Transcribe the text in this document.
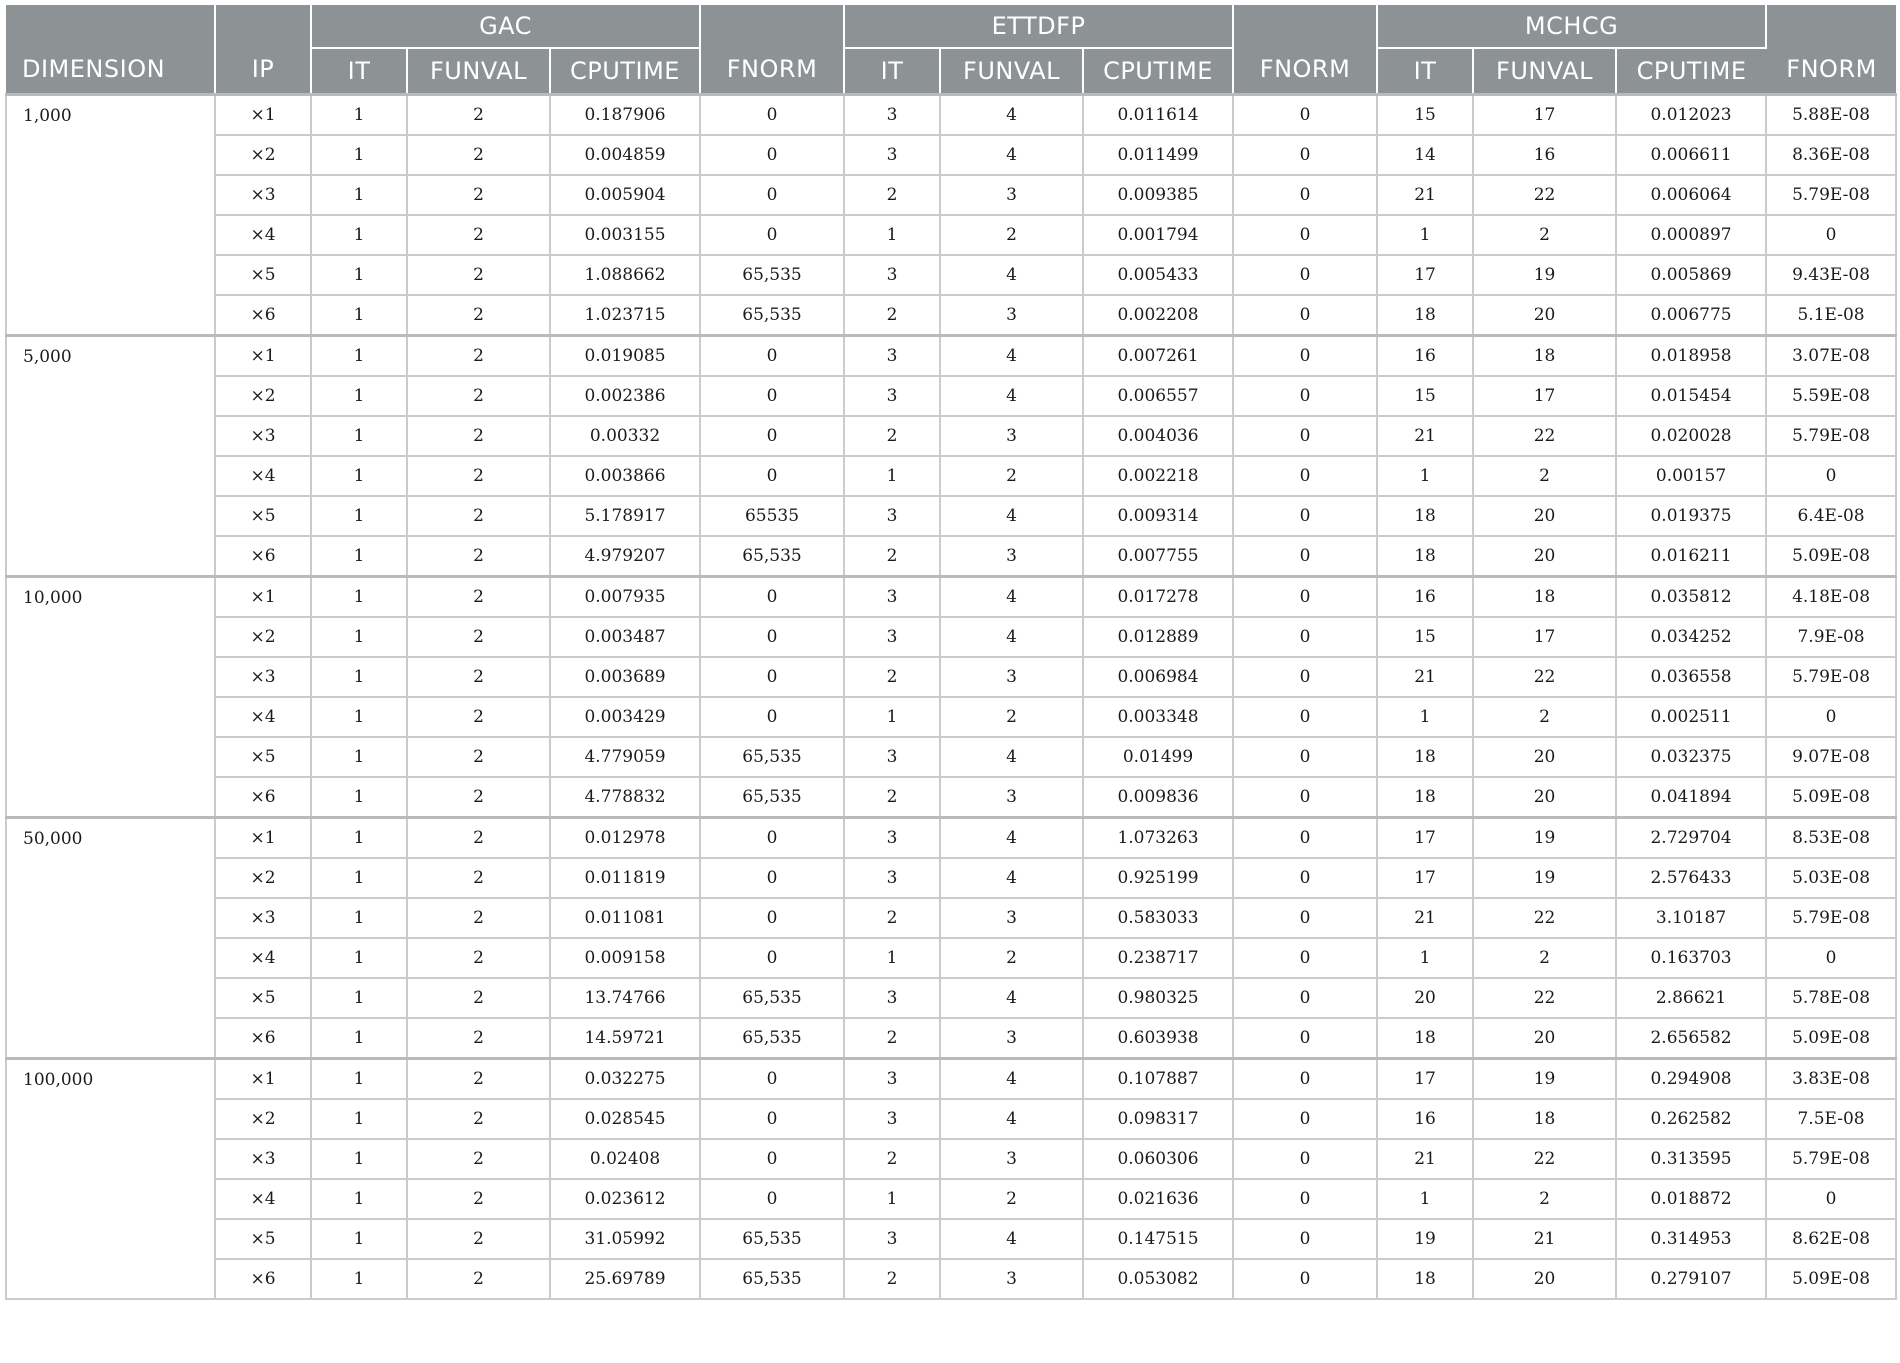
DIMENSION	IP	GAC			FNORM	ETTDFP			FNORM	MCHCG			FNORM
		IT	FUNVAL	CPUTIME		IT	FUNVAL	CPUTIME		IT	FUNVAL	CPUTIME	
1,000	×1	1	2	0.187906	0	3	4	0.011614	0	15	17	0.012023	5.88E-08
	×2	1	2	0.004859	0	3	4	0.011499	0	14	16	0.006611	8.36E-08
	×3	1	2	0.005904	0	2	3	0.009385	0	21	22	0.006064	5.79E-08
	×4	1	2	0.003155	0	1	2	0.001794	0	1	2	0.000897	0
	×5	1	2	1.088662	65,535	3	4	0.005433	0	17	19	0.005869	9.43E-08
	×6	1	2	1.023715	65,535	2	3	0.002208	0	18	20	0.006775	5.1E-08
5,000	×1	1	2	0.019085	0	3	4	0.007261	0	16	18	0.018958	3.07E-08
	×2	1	2	0.002386	0	3	4	0.006557	0	15	17	0.015454	5.59E-08
	×3	1	2	0.00332	0	2	3	0.004036	0	21	22	0.020028	5.79E-08
	×4	1	2	0.003866	0	1	2	0.002218	0	1	2	0.00157	0
	×5	1	2	5.178917	65535	3	4	0.009314	0	18	20	0.019375	6.4E-08
	×6	1	2	4.979207	65,535	2	3	0.007755	0	18	20	0.016211	5.09E-08
10,000	×1	1	2	0.007935	0	3	4	0.017278	0	16	18	0.035812	4.18E-08
	×2	1	2	0.003487	0	3	4	0.012889	0	15	17	0.034252	7.9E-08
	×3	1	2	0.003689	0	2	3	0.006984	0	21	22	0.036558	5.79E-08
	×4	1	2	0.003429	0	1	2	0.003348	0	1	2	0.002511	0
	×5	1	2	4.779059	65,535	3	4	0.01499	0	18	20	0.032375	9.07E-08
	×6	1	2	4.778832	65,535	2	3	0.009836	0	18	20	0.041894	5.09E-08
50,000	×1	1	2	0.012978	0	3	4	1.073263	0	17	19	2.729704	8.53E-08
	×2	1	2	0.011819	0	3	4	0.925199	0	17	19	2.576433	5.03E-08
	×3	1	2	0.011081	0	2	3	0.583033	0	21	22	3.10187	5.79E-08
	×4	1	2	0.009158	0	1	2	0.238717	0	1	2	0.163703	0
	×5	1	2	13.74766	65,535	3	4	0.980325	0	20	22	2.86621	5.78E-08
	×6	1	2	14.59721	65,535	2	3	0.603938	0	18	20	2.656582	5.09E-08
100,000	×1	1	2	0.032275	0	3	4	0.107887	0	17	19	0.294908	3.83E-08
	×2	1	2	0.028545	0	3	4	0.098317	0	16	18	0.262582	7.5E-08
	×3	1	2	0.02408	0	2	3	0.060306	0	21	22	0.313595	5.79E-08
	×4	1	2	0.023612	0	1	2	0.021636	0	1	2	0.018872	0
	×5	1	2	31.05992	65,535	3	4	0.147515	0	19	21	0.314953	8.62E-08
	×6	1	2	25.69789	65,535	2	3	0.053082	0	18	20	0.279107	5.09E-08
